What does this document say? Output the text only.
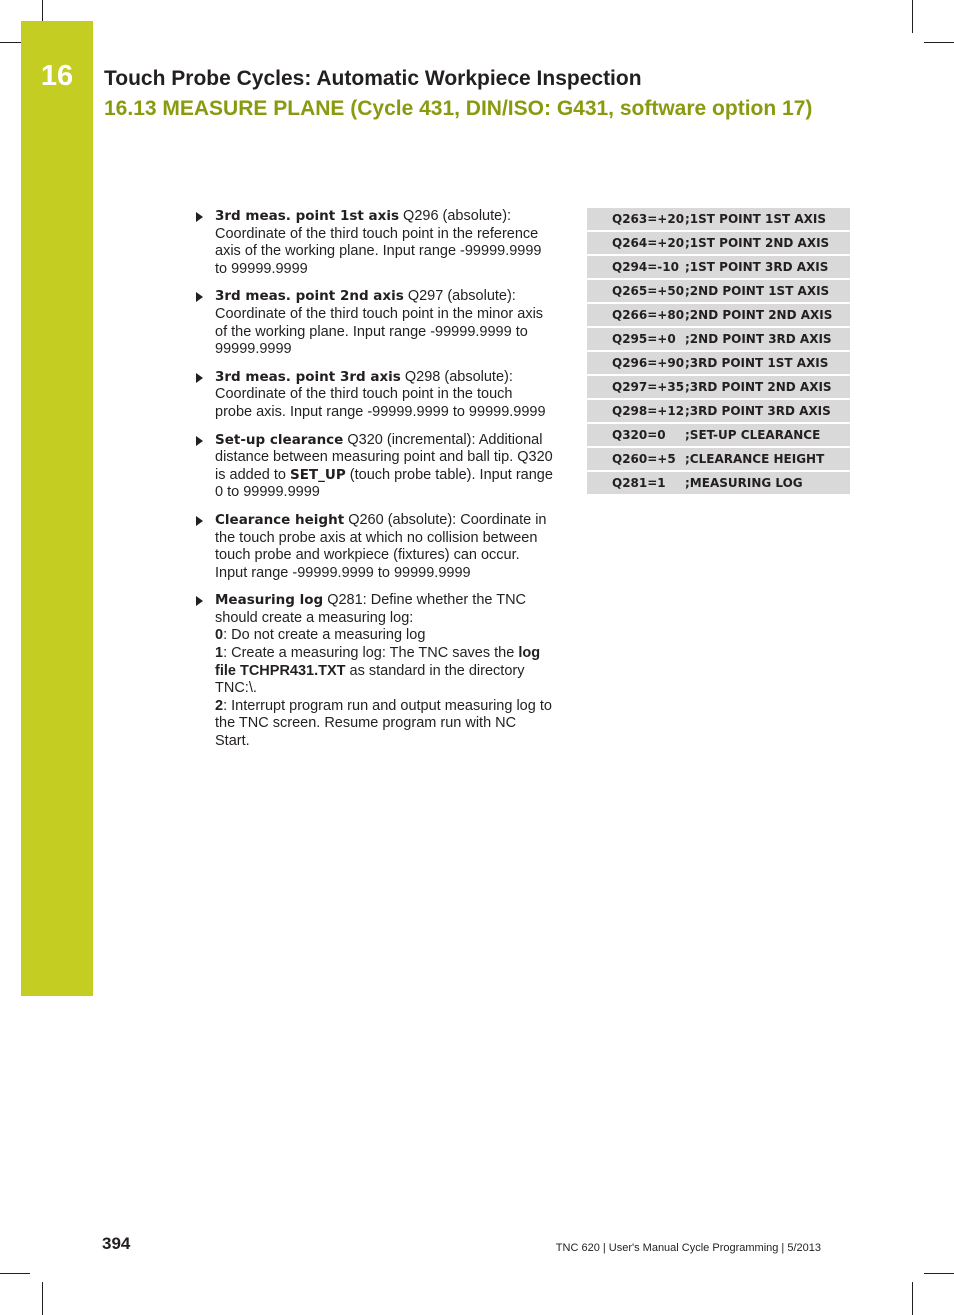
16	Touch Probe Cycles: Automatic Workpiece Inspection
16.13 MEASURE PLANE (Cycle 431, DIN/ISO: G431, software option 17)
3rd meas. point 1st axis Q296 (absolute): Coordinate of the third touch point in the reference axis of the working plane. Input range -99999.9999 to 99999.9999
3rd meas. point 2nd axis Q297 (absolute): Coordinate of the third touch point in the minor axis of the working plane. Input range -99999.9999 to 99999.9999
3rd meas. point 3rd axis Q298 (absolute): Coordinate of the third touch point in the touch probe axis. Input range -99999.9999 to 99999.9999
Set-up clearance Q320 (incremental): Additional distance between measuring point and ball tip. Q320 is added to SET_UP (touch probe table). Input range 0 to 99999.9999
Clearance height Q260 (absolute): Coordinate in the touch probe axis at which no collision between touch probe and workpiece (fixtures) can occur. Input range -99999.9999 to 99999.9999
Measuring log Q281: Define whether the TNC should create a measuring log:
0: Do not create a measuring log
1: Create a measuring log: The TNC saves the log file TCHPR431.TXT as standard in the directory TNC:\.
2: Interrupt program run and output measuring log to the TNC screen. Resume program run with NC Start.
Q263=+20	;1ST POINT 1ST AXIS
Q264=+20	;1ST POINT 2ND AXIS
Q294=-10	;1ST POINT 3RD AXIS
Q265=+50	;2ND POINT 1ST AXIS
Q266=+80	;2ND POINT 2ND AXIS
Q295=+0	;2ND POINT 3RD AXIS
Q296=+90	;3RD POINT 1ST AXIS
Q297=+35	;3RD POINT 2ND AXIS
Q298=+12	;3RD POINT 3RD AXIS
Q320=0	;SET-UP CLEARANCE
Q260=+5	;CLEARANCE HEIGHT
Q281=1	;MEASURING LOG
394	TNC 620 | User's Manual Cycle Programming | 5/2013
